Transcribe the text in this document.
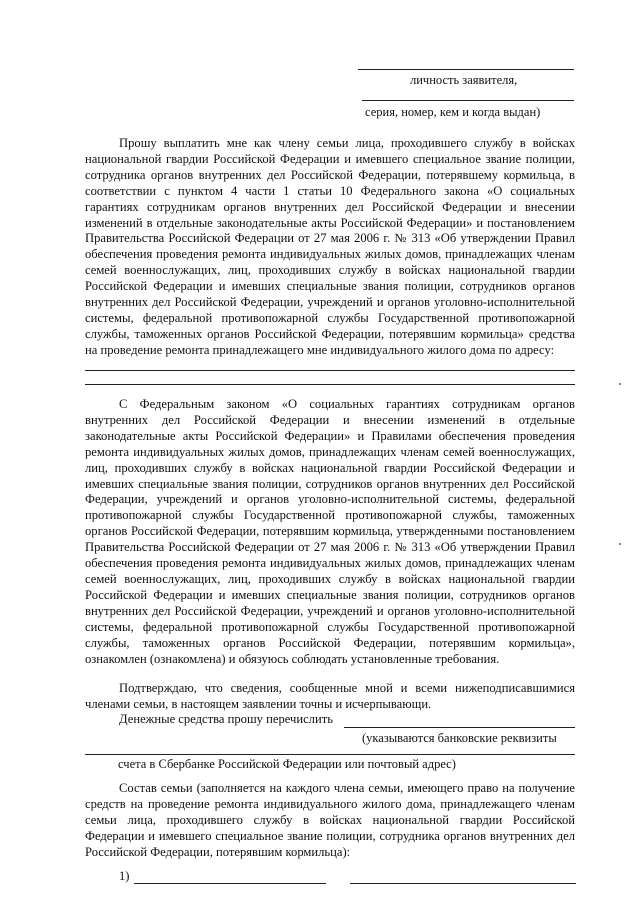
личность заявителя,
серия, номер, кем и когда выдан)
Прошу выплатить мне как члену семьи лица, проходившего службу в войсках национальной гвардии Российской Федерации и имевшего специальное звание полиции, сотрудника органов внутренних дел Российской Федерации, потерявшему кормильца, в соответствии с пунктом 4 части 1 статьи 10 Федерального закона «О социальных гарантиях сотрудникам органов внутренних дел Российской Федерации и внесении изменений в отдельные законодательные акты Российской Федерации» и постановлением Правительства Российской Федерации от 27 мая 2006 г. № 313 «Об утверждении Правил обеспечения проведения ремонта индивидуальных жилых домов, принадлежащих членам семей военнослужащих, лиц, проходивших службу в войсках национальной гвардии Российской Федерации и имевших специальные звания полиции, сотрудников органов внутренних дел Российской Федерации, учреждений и органов уголовно-исполнительной системы, федеральной противопожарной службы Государственной противопожарной службы, таможенных органов Российской Федерации, потерявшим кормильца» средства на проведение ремонта принадлежащего мне индивидуального жилого дома по адресу:
С Федеральным законом «О социальных гарантиях сотрудникам органов внутренних дел Российской Федерации и внесении изменений в отдельные законодательные акты Российской Федерации» и Правилами обеспечения проведения ремонта индивидуальных жилых домов, принадлежащих членам семей военнослужащих, лиц, проходивших службу в войсках национальной гвардии Российской Федерации и имевших специальные звания полиции, сотрудников органов внутренних дел Российской Федерации, учреждений и органов уголовно-исполнительной системы, федеральной противопожарной службы Государственной противопожарной службы, таможенных органов Российской Федерации, потерявшим кормильца, утвержденными постановлением Правительства Российской Федерации от 27 мая 2006 г. № 313 «Об утверждении Правил обеспечения проведения ремонта индивидуальных жилых домов, принадлежащих членам семей военнослужащих, лиц, проходивших службу в войсках национальной гвардии Российской Федерации и имевших специальные звания полиции, сотрудников органов внутренних дел Российской Федерации, учреждений и органов уголовно-исполнительной системы, федеральной противопожарной службы Государственной противопожарной службы, таможенных органов Российской Федерации, потерявшим кормильца», ознакомлен (ознакомлена) и обязуюсь соблюдать установленные требования.
Подтверждаю, что сведения, сообщенные мной и всеми нижеподписавшимися членами семьи, в настоящем заявлении точны и исчерпывающи.
Денежные средства прошу перечислить
(указываются банковские реквизиты
счета в Сбербанке Российской Федерации или почтовый адрес)
Состав семьи (заполняется на каждого члена семьи, имеющего право на получение средств на проведение ремонта индивидуального жилого дома, принадлежащего членам семьи лица, проходившего службу в войсках национальной гвардии Российской Федерации и имевшего специальное звание полиции, сотрудника органов внутренних дел Российской Федерации, потерявшим кормильца):
1)
